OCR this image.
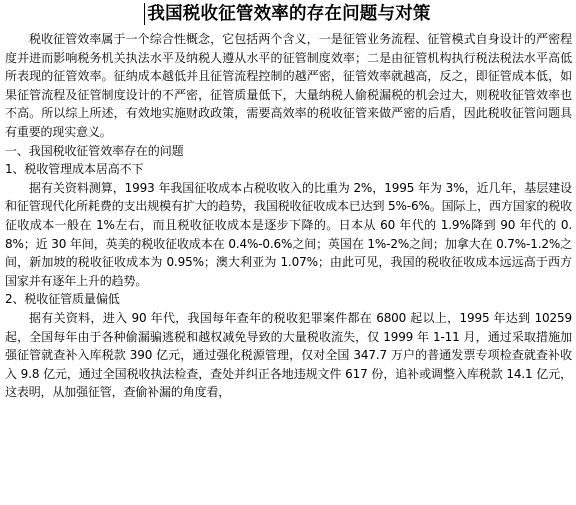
我国税收征管效率的存在问题与对策

税收征管效率属于一个综合性概念，它包括两个含义，一是征管业务流程、征管模式自身设计的严密程度并进而影响税务机关执法水平及纳税人遵从水平的征管制度效率；二是由征管机构执行税法税法水平高低所表现的征管效率。征纳成本越低并且征管流程控制的越严密，征管效率就越高，反之，即征管成本低，如果征管流程及征管制度设计的不严密，征管质量低下，大量纳税人偷税漏税的机会过大，则税收征管效率也不高。所以综上所述，有效地实施财政政策，需要高效率的税收征管来做严密的后盾，因此税收征管问题具有重要的现实意义。

一、我国税收征管效率存在的问题

1、税收管理成本居高不下

据有关资料测算，1993 年我国征收成本占税收收入的比重为 2%，1995 年为 3%，近几年，基层建设和征管现代化所耗费的支出规模有扩大的趋势，我国税收征收成本已达到 5%-6%。国际上，西方国家的税收征收成本一般在 1%左右，而且税收征收成本是逐步下降的。日本从 60 年代的 1.9%降到 90 年代的 0.8%；近 30 年间，英美的税收征收成本在 0.4%-0.6%之间；英国在 1%-2%之间；加拿大在 0.7%-1.2%之间，新加坡的税收征收成本为 0.95%；澳大利亚为 1.07%；由此可见，我国的税收征收成本远远高于西方国家并有逐年上升的趋势。

2、税收征管质量偏低

据有关资料，进入 90 年代，我国每年查年的税收犯罪案件都在 6800 起以上，1995 年达到 10259 起，全国每年由于各种偷漏骗逃税和越权减免导致的大量税收流失，仅 1999 年 1-11 月，通过采取措施加强征管就查补入库税款 390 亿元，通过强化税源管理，仅对全国 347.7 万户的普通发票专项检查就查补收入 9.8 亿元，通过全国税收执法检查，查处并纠正各地违规文件 617 份，追补或调整入库税款 14.1 亿元，这表明，从加强征管，查偷补漏的角度看，
